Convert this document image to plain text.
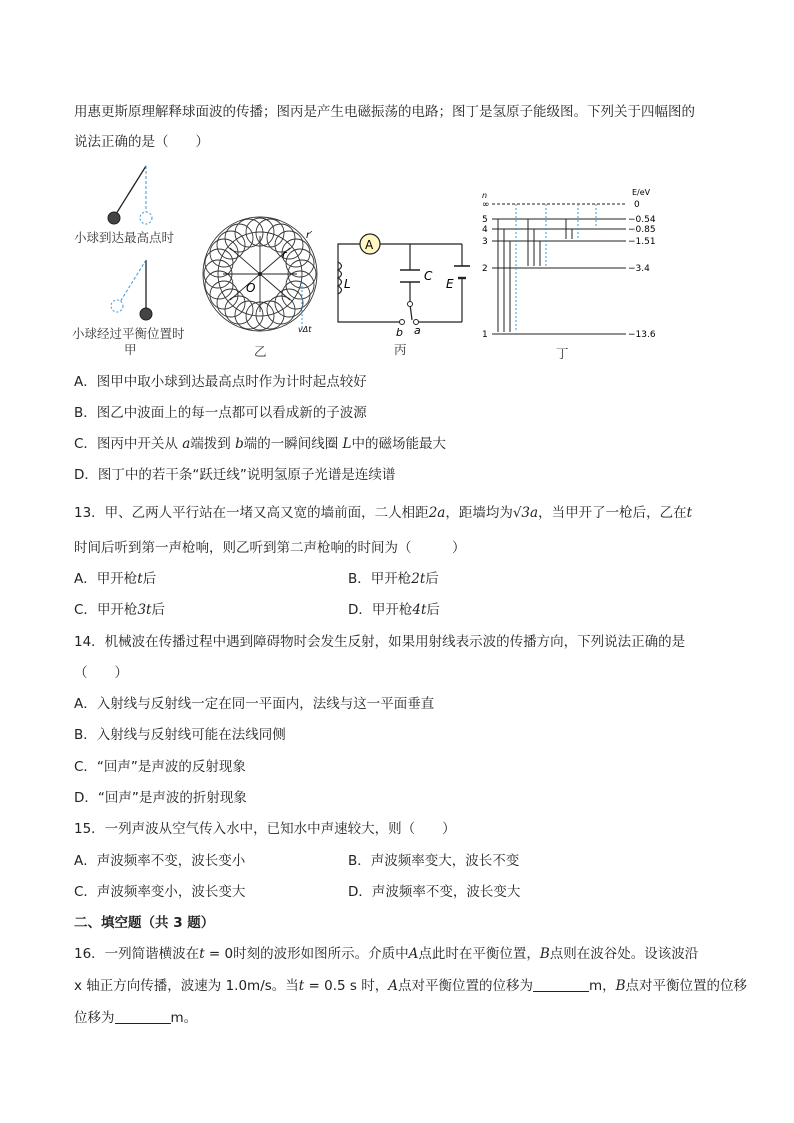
用惠更斯原理解释球面波的传播；图丙是产生电磁振荡的电路；图丁是氢原子能级图。下列关于四幅图的
说法正确的是（　　）
小球到达最高点时
小球经过平衡位置时
甲
O
r
r′
vΔt
乙
A
L
C
E
b a
丙
n	E/eV
∞
5
4
3
2
1
0
−0.54
−0.85
−1.51
−3.4
−13.6
丁
A．图甲中取小球到达最高点时作为计时起点较好
B．图乙中波面上的每一点都可以看成新的子波源
C．图丙中开关从 a端拨到 b端的一瞬间线圈 L中的磁场能最大
D．图丁中的若干条“跃迁线”说明氢原子光谱是连续谱
13．甲、乙两人平行站在一堵又高又宽的墙前面，二人相距2a，距墙均为√3a，当甲开了一枪后，乙在t
时间后听到第一声枪响，则乙听到第二声枪响的时间为（　　　）
A．甲开枪t后	B．甲开枪2t后
C．甲开枪3t后	D．甲开枪4t后
14．机械波在传播过程中遇到障碍物时会发生反射，如果用射线表示波的传播方向，下列说法正确的是
（　　）
A．入射线与反射线一定在同一平面内，法线与这一平面垂直
B．入射线与反射线可能在法线同侧
C．“回声”是声波的反射现象
D．“回声”是声波的折射现象
15．一列声波从空气传入水中，已知水中声速较大，则（　　）
A．声波频率不变，波长变小	B．声波频率变大，波长不变
C．声波频率变小，波长变大	D．声波频率不变，波长变大
二、填空题（共 3 题）
16．一列简谐横波在t = 0时刻的波形如图所示。介质中A点此时在平衡位置，B点则在波谷处。设该波沿
x 轴正方向传播，波速为 1.0m/s。当t = 0.5 s 时，A点对平衡位置的位移为	m，B点对平衡位置的位移
位移为	m。
